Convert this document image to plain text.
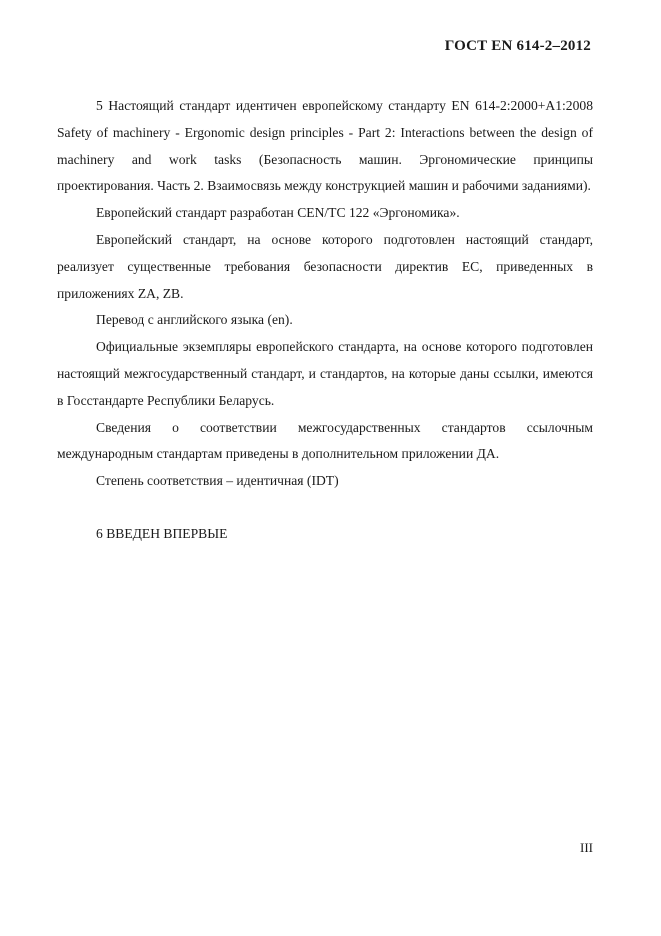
ГОСТ EN 614-2–2012

5 Настоящий стандарт идентичен европейскому стандарту EN 614-2:2000+A1:2008 Safety of machinery - Ergonomic design principles - Part 2: Interactions between the design of machinery and work tasks (Безопасность машин. Эргономические принципы проектирования. Часть 2. Взаимосвязь между конструкцией машин и рабочими заданиями).

Европейский стандарт разработан CEN/TC 122 «Эргономика».

Европейский стандарт, на основе которого подготовлен настоящий стандарт, реализует существенные требования безопасности директив ЕС, приведенных в приложениях ZA, ZB.

Перевод с английского языка (en).

Официальные экземпляры европейского стандарта, на основе которого подготовлен настоящий межгосударственный стандарт, и стандартов, на которые даны ссылки, имеются в Госстандарте Республики Беларусь.

Сведения о соответствии межгосударственных стандартов ссылочным международным стандартам приведены в дополнительном приложении ДА.

Степень соответствия – идентичная (IDT)

6 ВВЕДЕН ВПЕРВЫЕ

III
